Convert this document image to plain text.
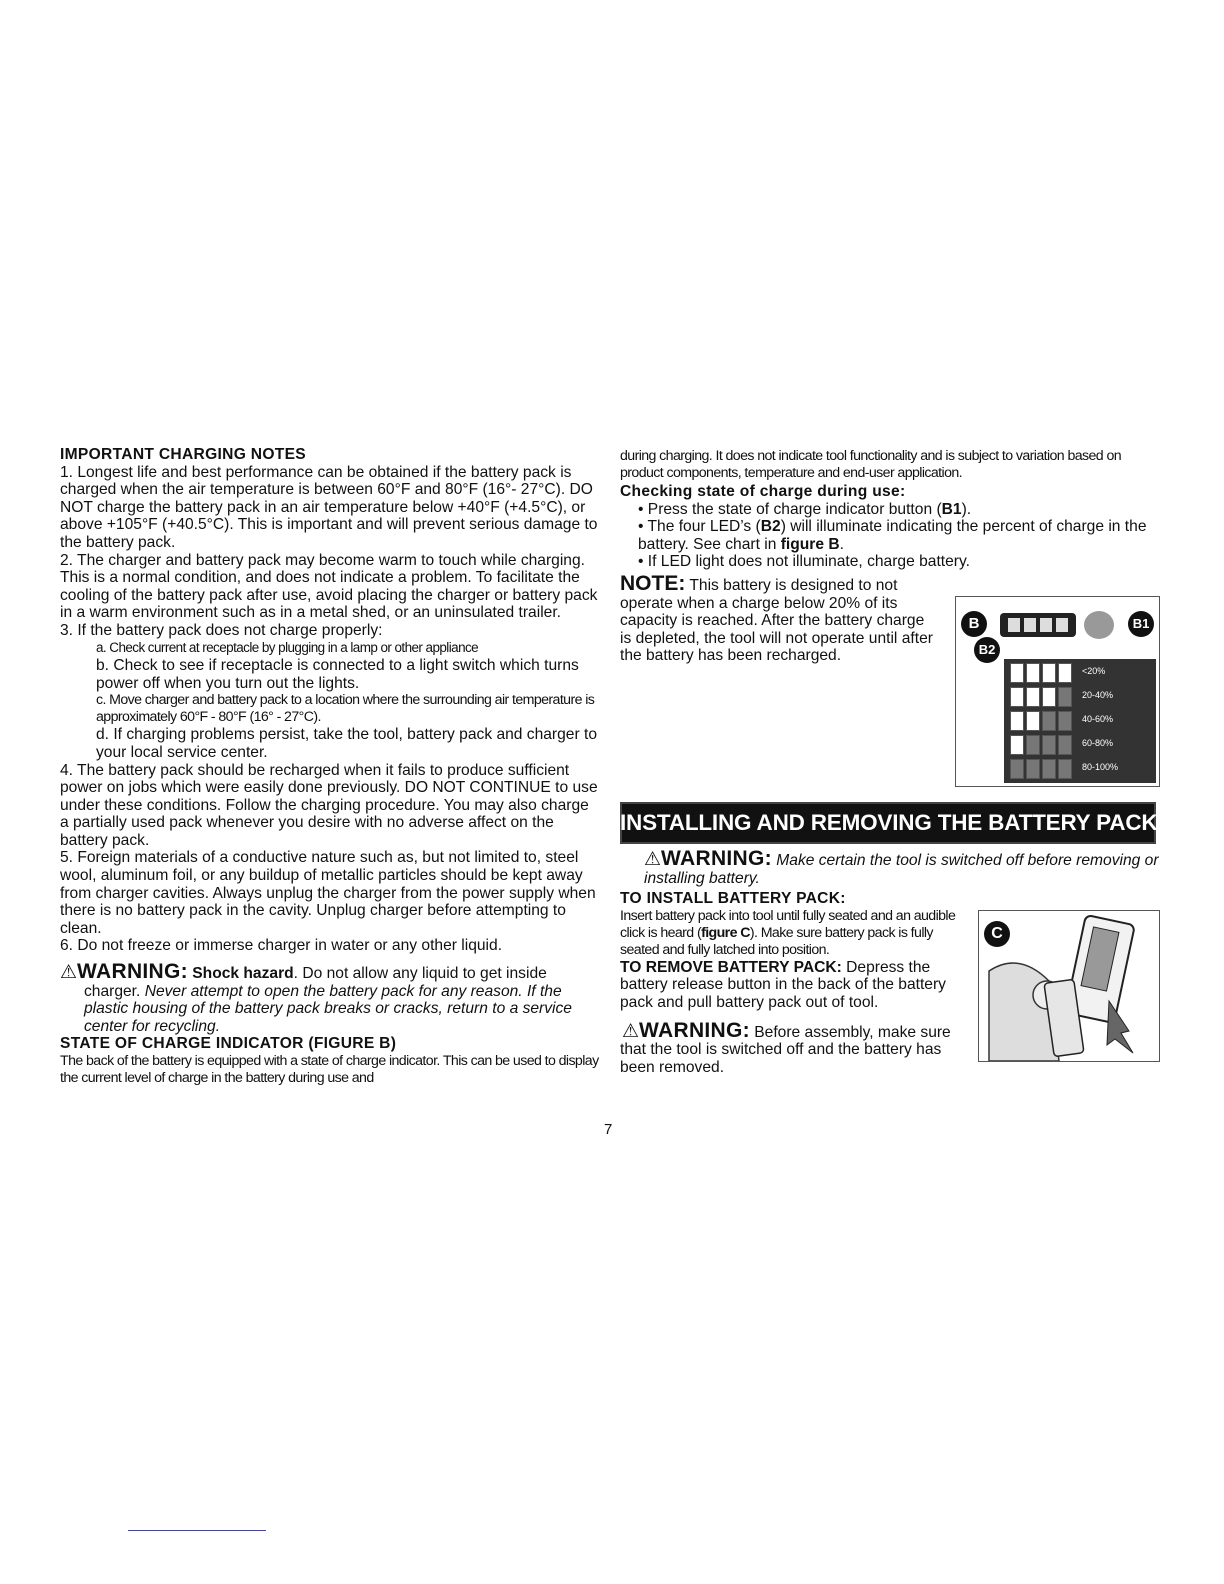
IMPORTANT CHARGING NOTES

1. Longest life and best performance can be obtained if the battery pack is charged when the air temperature is between 60°F and 80°F (16°- 27°C). DO NOT charge the battery pack in an air temperature below +40°F (+4.5°C), or above +105°F (+40.5°C). This is important and will prevent serious damage to the battery pack.

2. The charger and battery pack may become warm to touch while charging. This is a normal condition, and does not indicate a problem. To facilitate the cooling of the battery pack after use, avoid placing the charger or battery pack in a warm environment such as in a metal shed, or an uninsulated trailer.

3. If the battery pack does not charge properly:

a. Check current at receptacle by plugging in a lamp or other appliance

b. Check to see if receptacle is connected to a light switch which turns power off when you turn out the lights.

c. Move charger and battery pack to a location where the surrounding air temperature is approximately 60°F - 80°F (16° - 27°C).

d. If charging problems persist, take the tool, battery pack and charger to your local service center.

4. The battery pack should be recharged when it fails to produce sufficient power on jobs which were easily done previously. DO NOT CONTINUE to use under these conditions. Follow the charging procedure. You may also charge a partially used pack whenever you desire with no adverse affect on the battery pack.

5. Foreign materials of a conductive nature such as, but not limited to, steel wool, aluminum foil, or any buildup of metallic particles should be kept away from charger cavities. Always unplug the charger from the power supply when there is no battery pack in the cavity. Unplug charger before attempting to clean.

6. Do not freeze or immerse charger in water or any other liquid.

⚠WARNING: Shock hazard. Do not allow any liquid to get inside charger. Never attempt to open the battery pack for any reason. If the plastic housing of the battery pack breaks or cracks, return to a service center for recycling.

STATE OF CHARGE INDICATOR (FIGURE B)

The back of the battery is equipped with a state of charge indicator. This can be used to display the current level of charge in the battery during use and

during charging. It does not indicate tool functionality and is subject to variation based on product components, temperature and end-user application.

Checking state of charge during use:

• Press the state of charge indicator button (B1).

• The four LED’s (B2) will illuminate indicating the percent of charge in the battery. See chart in figure B.

• If LED light does not illuminate, charge battery.

NOTE: This battery is designed to not operate when a charge below 20% of its capacity is reached. After the battery charge is depleted, the tool will not operate until after the battery has been recharged.

B	B1
B2
<20%
20-40%
40-60%
60-80%
80-100%
INSTALLING AND REMOVING THE BATTERY PACK

⚠WARNING: Make certain the tool is switched off before removing or installing battery.

TO INSTALL BATTERY PACK:

Insert battery pack into tool until fully seated and an audible click is heard (figure C). Make sure battery pack is fully seated and fully latched into position.

TO REMOVE BATTERY PACK: Depress the battery release button in the back of the battery pack and pull battery pack out of tool.

⚠WARNING: Before assembly, make sure that the tool is switched off and the battery has been removed.

C
7
